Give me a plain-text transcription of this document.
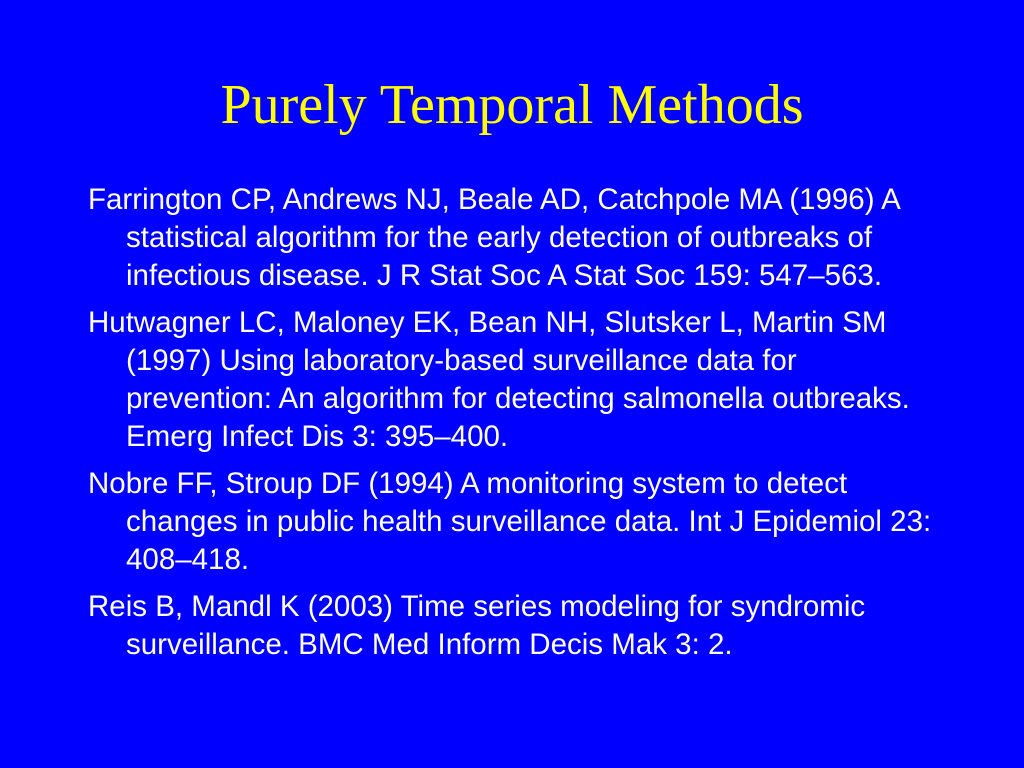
Purely Temporal Methods
Farrington CP, Andrews NJ, Beale AD, Catchpole MA (1996) A statistical algorithm for the early detection of outbreaks of infectious disease. J R Stat Soc A Stat Soc 159: 547–563.
Hutwagner LC, Maloney EK, Bean NH, Slutsker L, Martin SM (1997) Using laboratory-based surveillance data for prevention: An algorithm for detecting salmonella outbreaks. Emerg Infect Dis 3: 395–400.
Nobre FF, Stroup DF (1994) A monitoring system to detect changes in public health surveillance data. Int J Epidemiol 23: 408–418.
Reis B, Mandl K (2003) Time series modeling for syndromic surveillance. BMC Med Inform Decis Mak 3: 2.
